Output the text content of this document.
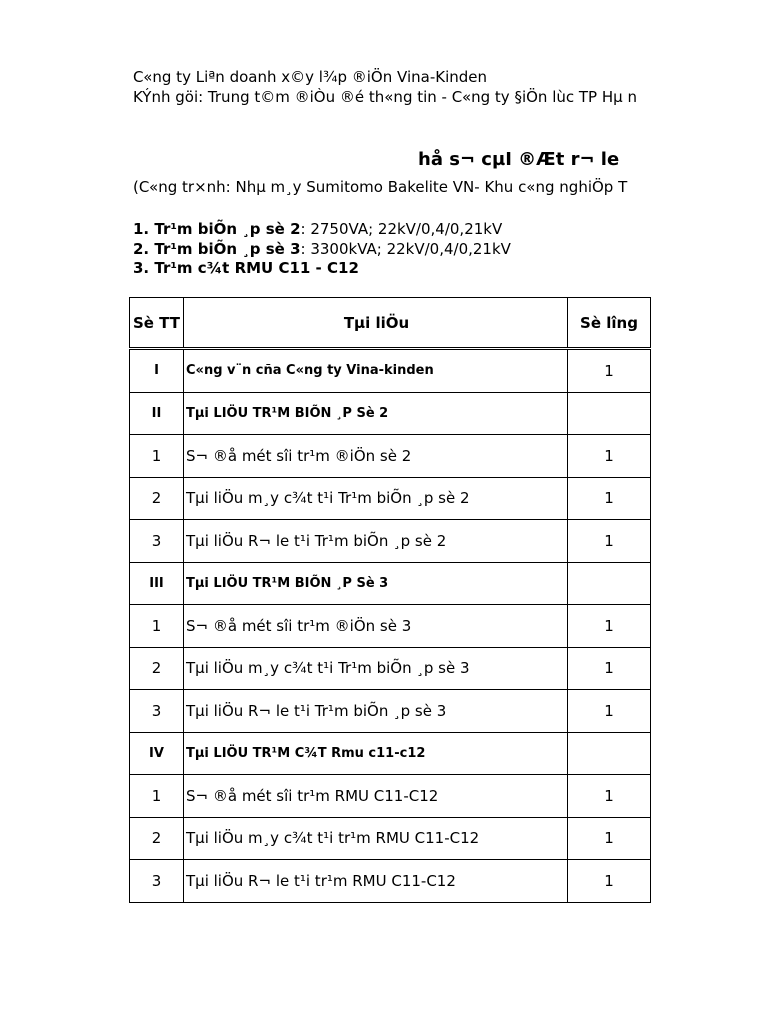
C«ng ty Liªn doanh x©y l¾p ®iÖn Vina-Kinden
KÝnh göi: Trung t©m ®iÒu ®é th«ng tin - C«ng ty §iÖn lùc TP Hµ n
hå s¬ cµI ®Æt r¬ le
(C«ng tr×nh: Nhµ m¸y Sumitomo Bakelite VN- Khu c«ng nghiÖp T
1. Tr¹m biÕn ¸p sè 2: 2750VA; 22kV/0,4/0,21kV
2. Tr¹m biÕn ¸p sè 3: 3300kVA; 22kV/0,4/0,21kV
3. Tr¹m c¾t RMU C11 - C12
Sè TT	Tµi liÖu	Sè lîng
I	C«ng v¨n cña C«ng ty Vina-kinden	1
II	Tµi LIÖU TR¹M BIÕN ¸P Sè 2	
1	S¬ ®å mét sîi tr¹m ®iÖn sè 2	1
2	Tµi liÖu m¸y c¾t t¹i Tr¹m biÕn ¸p sè 2	1
3	Tµi liÖu R¬ le t¹i Tr¹m biÕn ¸p sè 2	1
III	Tµi LIÖU TR¹M BIÕN ¸P Sè 3	
1	S¬ ®å mét sîi tr¹m ®iÖn sè 3	1
2	Tµi liÖu m¸y c¾t t¹i Tr¹m biÕn ¸p sè 3	1
3	Tµi liÖu R¬ le t¹i Tr¹m biÕn ¸p sè 3	1
IV	Tµi LIÖU TR¹M C¾T Rmu c11-c12	
1	S¬ ®å mét sîi tr¹m RMU C11-C12	1
2	Tµi liÖu m¸y c¾t t¹i tr¹m RMU C11-C12	1
3	Tµi liÖu R¬ le t¹i tr¹m RMU C11-C12	1
